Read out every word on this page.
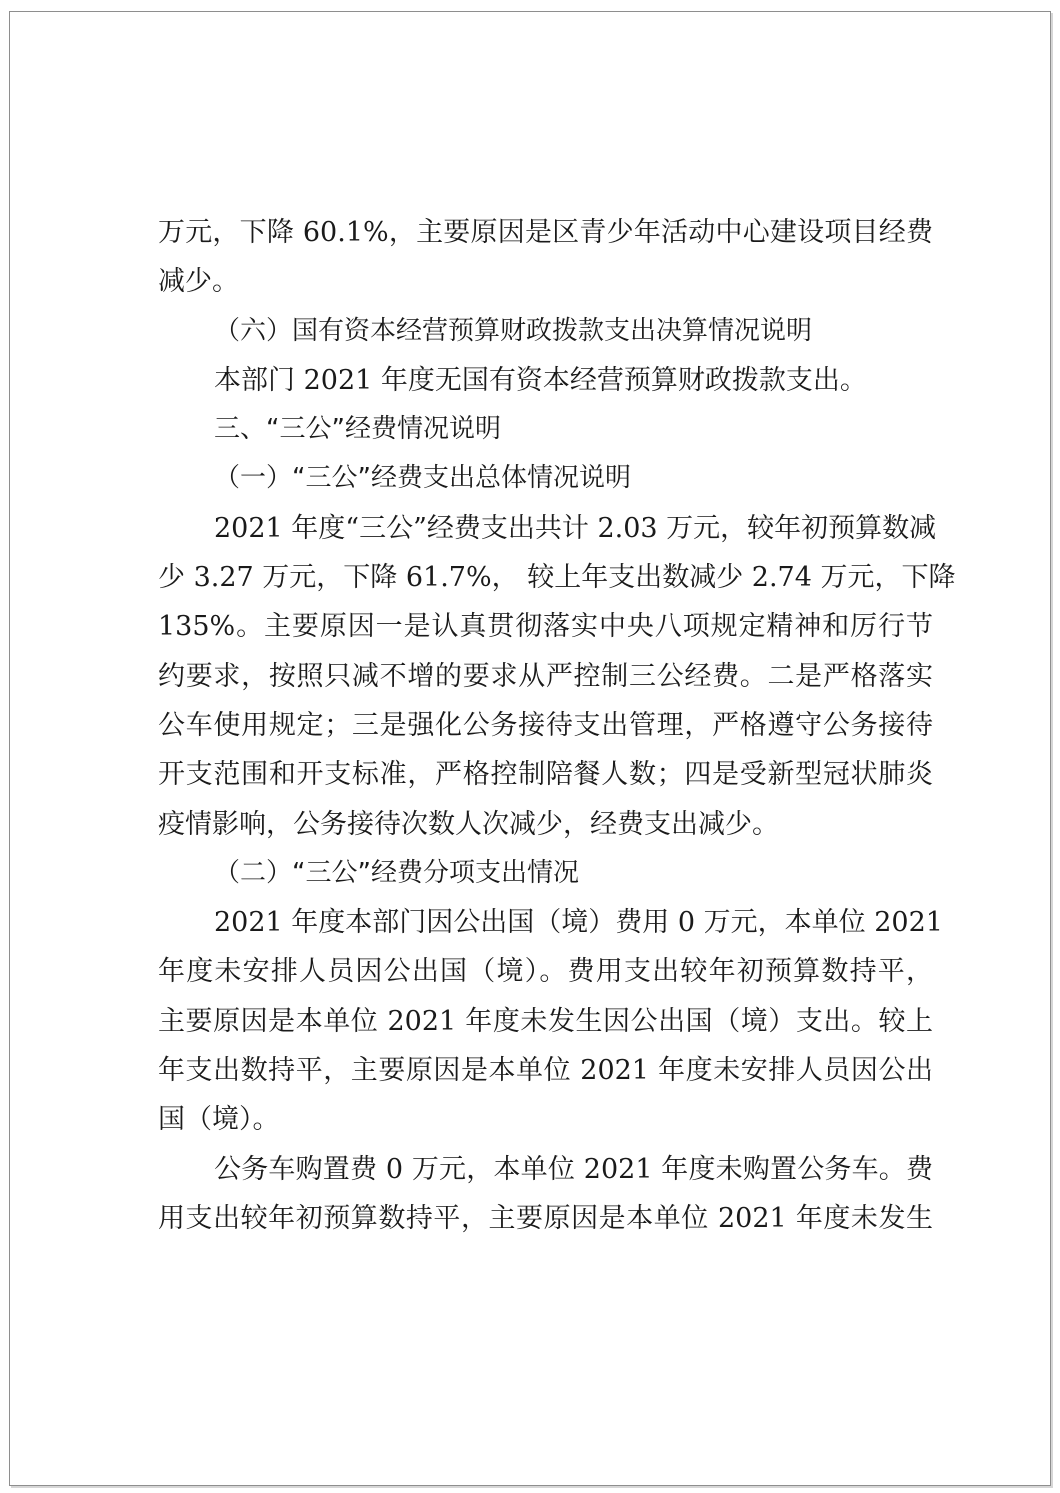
万元，下降 60.1%，主要原因是区青少年活动中心建设项目经费
减少。
（六）国有资本经营预算财政拨款支出决算情况说明
本部门 2021 年度无国有资本经营预算财政拨款支出。
三、“三公”经费情况说明
（一）“三公”经费支出总体情况说明
2021 年度“三公”经费支出共计 2.03 万元，较年初预算数减
少 3.27 万元，下降 61.7%， 较上年支出数减少 2.74 万元，下降
135%。主要原因一是认真贯彻落实中央八项规定精神和厉行节
约要求，按照只减不增的要求从严控制三公经费。二是严格落实
公车使用规定；三是强化公务接待支出管理，严格遵守公务接待
开支范围和开支标准，严格控制陪餐人数；四是受新型冠状肺炎
疫情影响，公务接待次数人次减少，经费支出减少。
（二）“三公”经费分项支出情况
2021 年度本部门因公出国（境）费用 0 万元，本单位 2021
年度未安排人员因公出国（境）。费用支出较年初预算数持平，
主要原因是本单位 2021 年度未发生因公出国（境）支出。较上
年支出数持平，主要原因是本单位 2021 年度未安排人员因公出
国（境）。
公务车购置费 0 万元，本单位 2021 年度未购置公务车。费
用支出较年初预算数持平，主要原因是本单位 2021 年度未发生
